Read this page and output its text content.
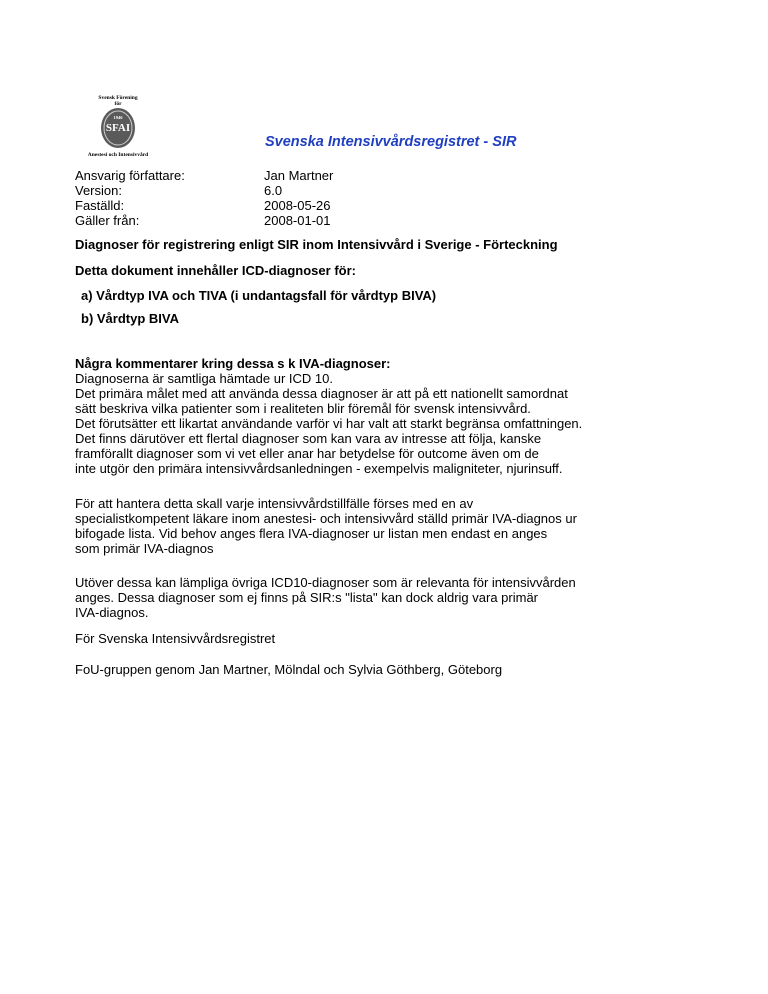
Svensk Förening
för
SFAI
1946
Anestesi och Intensivvård
Svenska Intensivvårdsregistret - SIR
Ansvarig författare:	Jan Martner
Version:	6.0
Faställd:	2008-05-26
Gäller från:	2008-01-01
Diagnoser för registrering enligt SIR inom Intensivvård i Sverige - Förteckning
Detta dokument innehåller ICD-diagnoser för:
a) Vårdtyp IVA och TIVA (i undantagsfall för vårdtyp BIVA)
b) Vårdtyp BIVA
Några kommentarer kring dessa s k IVA-diagnoser:
Diagnoserna är samtliga hämtade ur ICD 10.
Det primära målet med att använda dessa diagnoser är att på ett nationellt samordnat
sätt beskriva vilka patienter som i realiteten blir föremål för svensk intensivvård.
Det förutsätter ett likartat användande varför vi har valt att starkt begränsa omfattningen.
Det finns därutöver ett flertal diagnoser som kan vara av intresse att följa, kanske
framförallt diagnoser som vi vet eller anar har betydelse för outcome även om de
inte utgör den primära intensivvårdsanledningen - exempelvis maligniteter, njurinsuff.
För att hantera detta skall varje intensivvårdstillfälle förses med en av
specialistkompetent läkare inom anestesi- och intensivvård ställd primär IVA-diagnos ur
bifogade lista. Vid behov anges flera IVA-diagnoser ur listan men endast en anges
som primär IVA-diagnos
Utöver dessa kan lämpliga övriga ICD10-diagnoser som är relevanta för intensivvården
anges. Dessa diagnoser som ej finns på SIR:s "lista" kan dock aldrig vara primär
IVA-diagnos.
För Svenska Intensivvårdsregistret
FoU-gruppen genom Jan Martner, Mölndal och Sylvia Göthberg, Göteborg
